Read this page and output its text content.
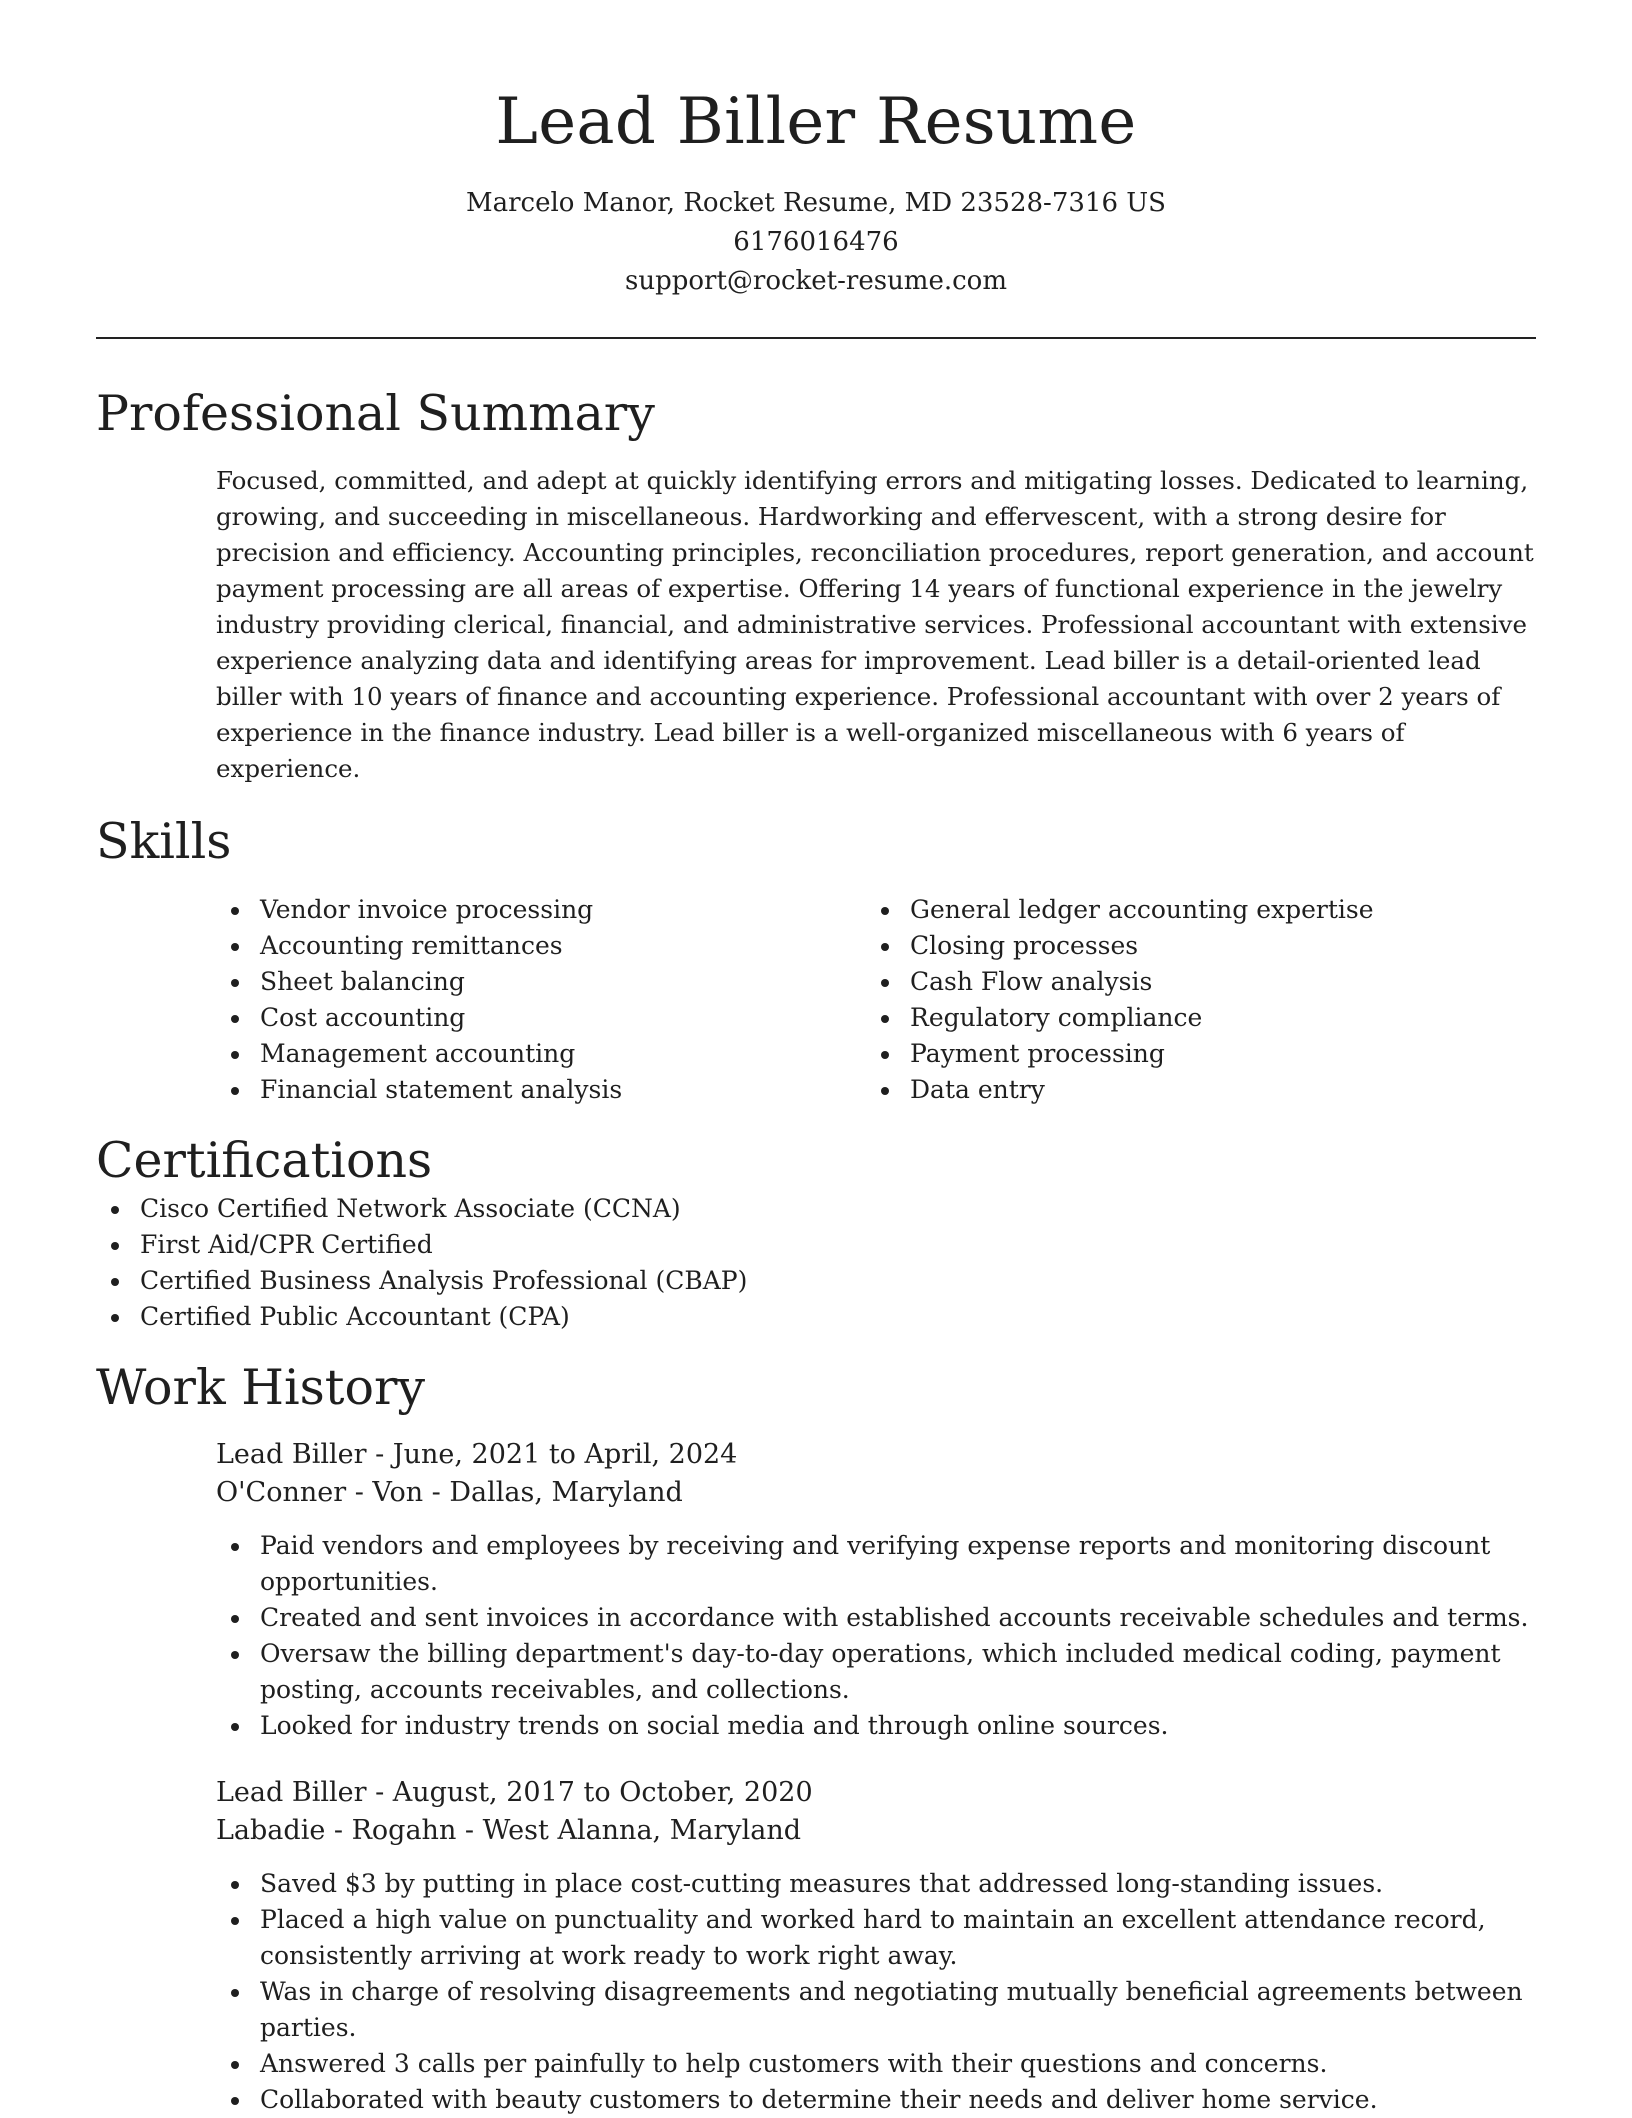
Lead Biller Resume

Marcelo Manor, Rocket Resume, MD 23528-7316 US

6176016476

support@rocket-resume.com

Professional Summary

Focused, committed, and adept at quickly identifying errors and mitigating losses. Dedicated to learning, growing, and succeeding in miscellaneous. Hardworking and effervescent, with a strong desire for precision and efficiency. Accounting principles, reconciliation procedures, report generation, and account payment processing are all areas of expertise. Offering 14 years of functional experience in the jewelry industry providing clerical, financial, and administrative services. Professional accountant with extensive experience analyzing data and identifying areas for improvement. Lead biller is a detail-oriented lead biller with 10 years of finance and accounting experience. Professional accountant with over 2 years of experience in the finance industry. Lead biller is a well-organized miscellaneous with 6 years of experience.

Skills
Vendor invoice processing
Accounting remittances
Sheet balancing
Cost accounting
Management accounting
Financial statement analysis
General ledger accounting expertise
Closing processes
Cash Flow analysis
Regulatory compliance
Payment processing
Data entry
Certifications
Cisco Certified Network Associate (CCNA)
First Aid/CPR Certified
Certified Business Analysis Professional (CBAP)
Certified Public Accountant (CPA)
Work History

Lead Biller - June, 2021 to April, 2024

O'Conner - Von - Dallas, Maryland

Paid vendors and employees by receiving and verifying expense reports and monitoring discount opportunities.
Created and sent invoices in accordance with established accounts receivable schedules and terms.
Oversaw the billing department's day-to-day operations, which included medical coding, payment posting, accounts receivables, and collections.
Looked for industry trends on social media and through online sources.

Lead Biller - August, 2017 to October, 2020

Labadie - Rogahn - West Alanna, Maryland

Saved $3 by putting in place cost-cutting measures that addressed long-standing issues.
Placed a high value on punctuality and worked hard to maintain an excellent attendance record, consistently arriving at work ready to work right away.
Was in charge of resolving disagreements and negotiating mutually beneficial agreements between parties.
Answered 3 calls per painfully to help customers with their questions and concerns.
Collaborated with beauty customers to determine their needs and deliver home service.
